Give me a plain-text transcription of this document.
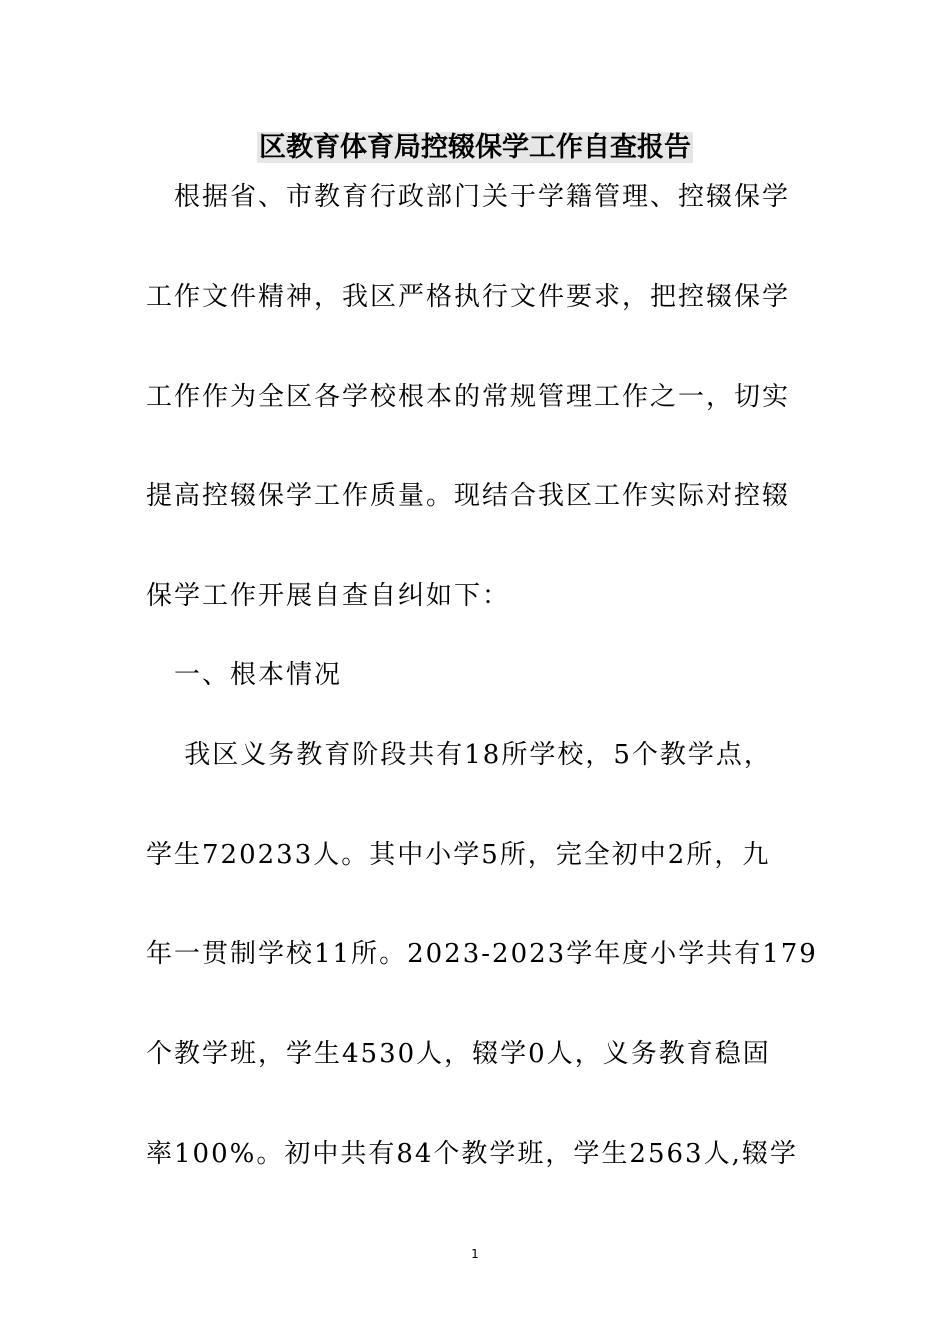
区教育体育局控辍保学工作自查报告
　根据省、市教育行政部门关于学籍管理、控辍保学
工作文件精神，我区严格执行文件要求，把控辍保学
工作作为全区各学校根本的常规管理工作之一，切实
提高控辍保学工作质量。现结合我区工作实际对控辍
保学工作开展自查自纠如下：
　一、根本情况
　 我区义务教育阶段共有18所学校，5个教学点，
学生720233人。其中小学5所，完全初中2所，九
年一贯制学校11所。2023-2023学年度小学共有179
个教学班，学生4530人，辍学0人，义务教育稳固
率100%。初中共有84个教学班，学生2563人,辍学
1
